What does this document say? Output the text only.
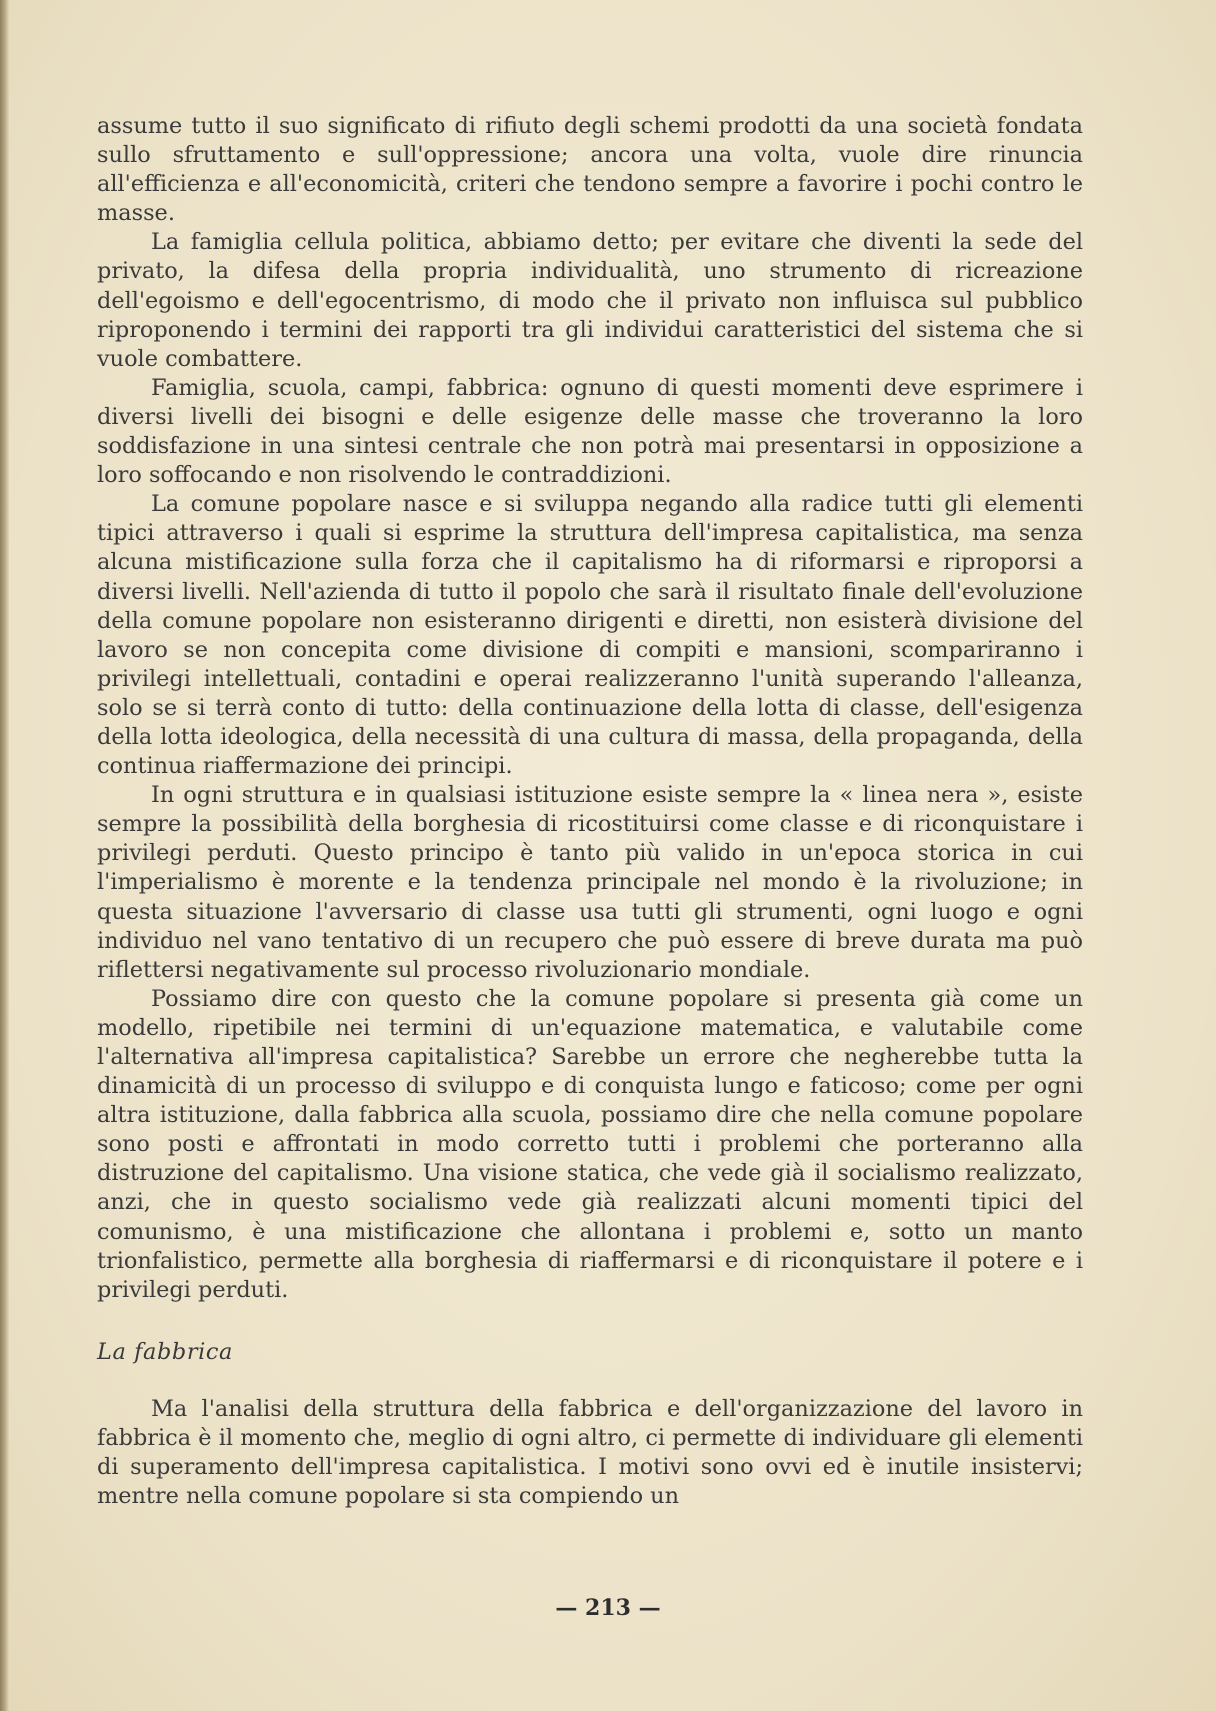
assume tutto il suo significato di rifiuto degli schemi prodotti da una società fondata sullo sfruttamento e sull'oppressione; ancora una volta, vuole dire rinuncia all'efficienza e all'economicità, criteri che tendono sempre a favorire i pochi contro le masse.

La famiglia cellula politica, abbiamo detto; per evitare che diventi la sede del privato, la difesa della propria individualità, uno strumento di ricreazione dell'egoismo e dell'egocentrismo, di modo che il privato non influisca sul pubblico riproponendo i termini dei rapporti tra gli individui caratteristici del sistema che si vuole combattere.

Famiglia, scuola, campi, fabbrica: ognuno di questi momenti deve esprimere i diversi livelli dei bisogni e delle esigenze delle masse che troveranno la loro soddisfazione in una sintesi centrale che non potrà mai presentarsi in opposizione a loro soffocando e non risolvendo le contraddizioni.

La comune popolare nasce e si sviluppa negando alla radice tutti gli elementi tipici attraverso i quali si esprime la struttura dell'impresa capitalistica, ma senza alcuna mistificazione sulla forza che il capitalismo ha di riformarsi e riproporsi a diversi livelli. Nell'azienda di tutto il popolo che sarà il risultato finale dell'evoluzione della comune popolare non esisteranno dirigenti e diretti, non esisterà divisione del lavoro se non concepita come divisione di compiti e mansioni, scompariranno i privilegi intellettuali, contadini e operai realizzeranno l'unità superando l'alleanza, solo se si terrà conto di tutto: della continuazione della lotta di classe, dell'esigenza della lotta ideologica, della necessità di una cultura di massa, della propaganda, della continua riaffermazione dei principi.

In ogni struttura e in qualsiasi istituzione esiste sempre la « linea nera », esiste sempre la possibilità della borghesia di ricostituirsi come classe e di riconquistare i privilegi perduti. Questo principo è tanto più valido in un'epoca storica in cui l'imperialismo è morente e la tendenza principale nel mondo è la rivoluzione; in questa situazione l'avversario di classe usa tutti gli strumenti, ogni luogo e ogni individuo nel vano tentativo di un recupero che può essere di breve durata ma può riflettersi negativamente sul processo rivoluzionario mondiale.

Possiamo dire con questo che la comune popolare si presenta già come un modello, ripetibile nei termini di un'equazione matematica, e valutabile come l'alternativa all'impresa capitalistica? Sarebbe un errore che negherebbe tutta la dinamicità di un processo di sviluppo e di conquista lungo e faticoso; come per ogni altra istituzione, dalla fabbrica alla scuola, possiamo dire che nella comune popolare sono posti e affrontati in modo corretto tutti i problemi che porteranno alla distruzione del capitalismo. Una visione statica, che vede già il socialismo realizzato, anzi, che in questo socialismo vede già realizzati alcuni momenti tipici del comunismo, è una mistificazione che allontana i problemi e, sotto un manto trionfalistico, permette alla borghesia di riaffermarsi e di riconquistare il potere e i privilegi perduti.

La fabbrica

Ma l'analisi della struttura della fabbrica e dell'organizzazione del lavoro in fabbrica è il momento che, meglio di ogni altro, ci permette di individuare gli elementi di superamento dell'impresa capitalistica. I motivi sono ovvi ed è inutile insistervi; mentre nella comune popolare si sta compiendo un

— 213 —
